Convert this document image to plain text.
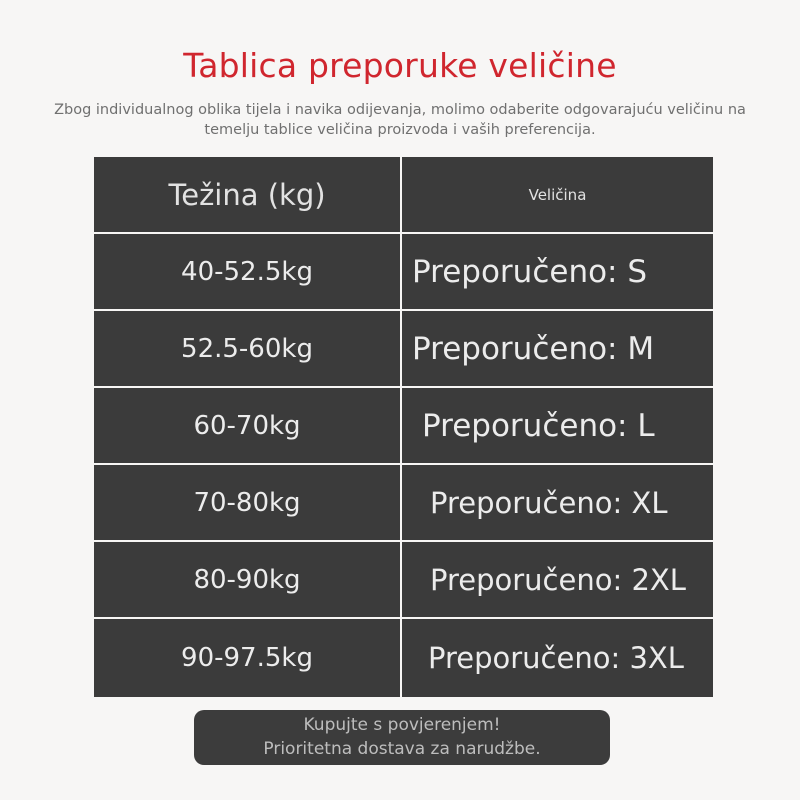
Tablica preporuke veličine

Zbog individualnog oblika tijela i navika odijevanja, molimo odaberite odgovarajuću veličinu na
temelju tablice veličina proizvoda i vaših preferencija.

Težina (kg)	Veličina
40-52.5kg	Preporučeno: S
52.5-60kg	Preporučeno: M
60-70kg	Preporučeno: L
70-80kg	Preporučeno: XL
80-90kg	Preporučeno: 2XL
90-97.5kg	Preporučeno: 3XL
Kupujte s povjerenjem!
Prioritetna dostava za narudžbe.
